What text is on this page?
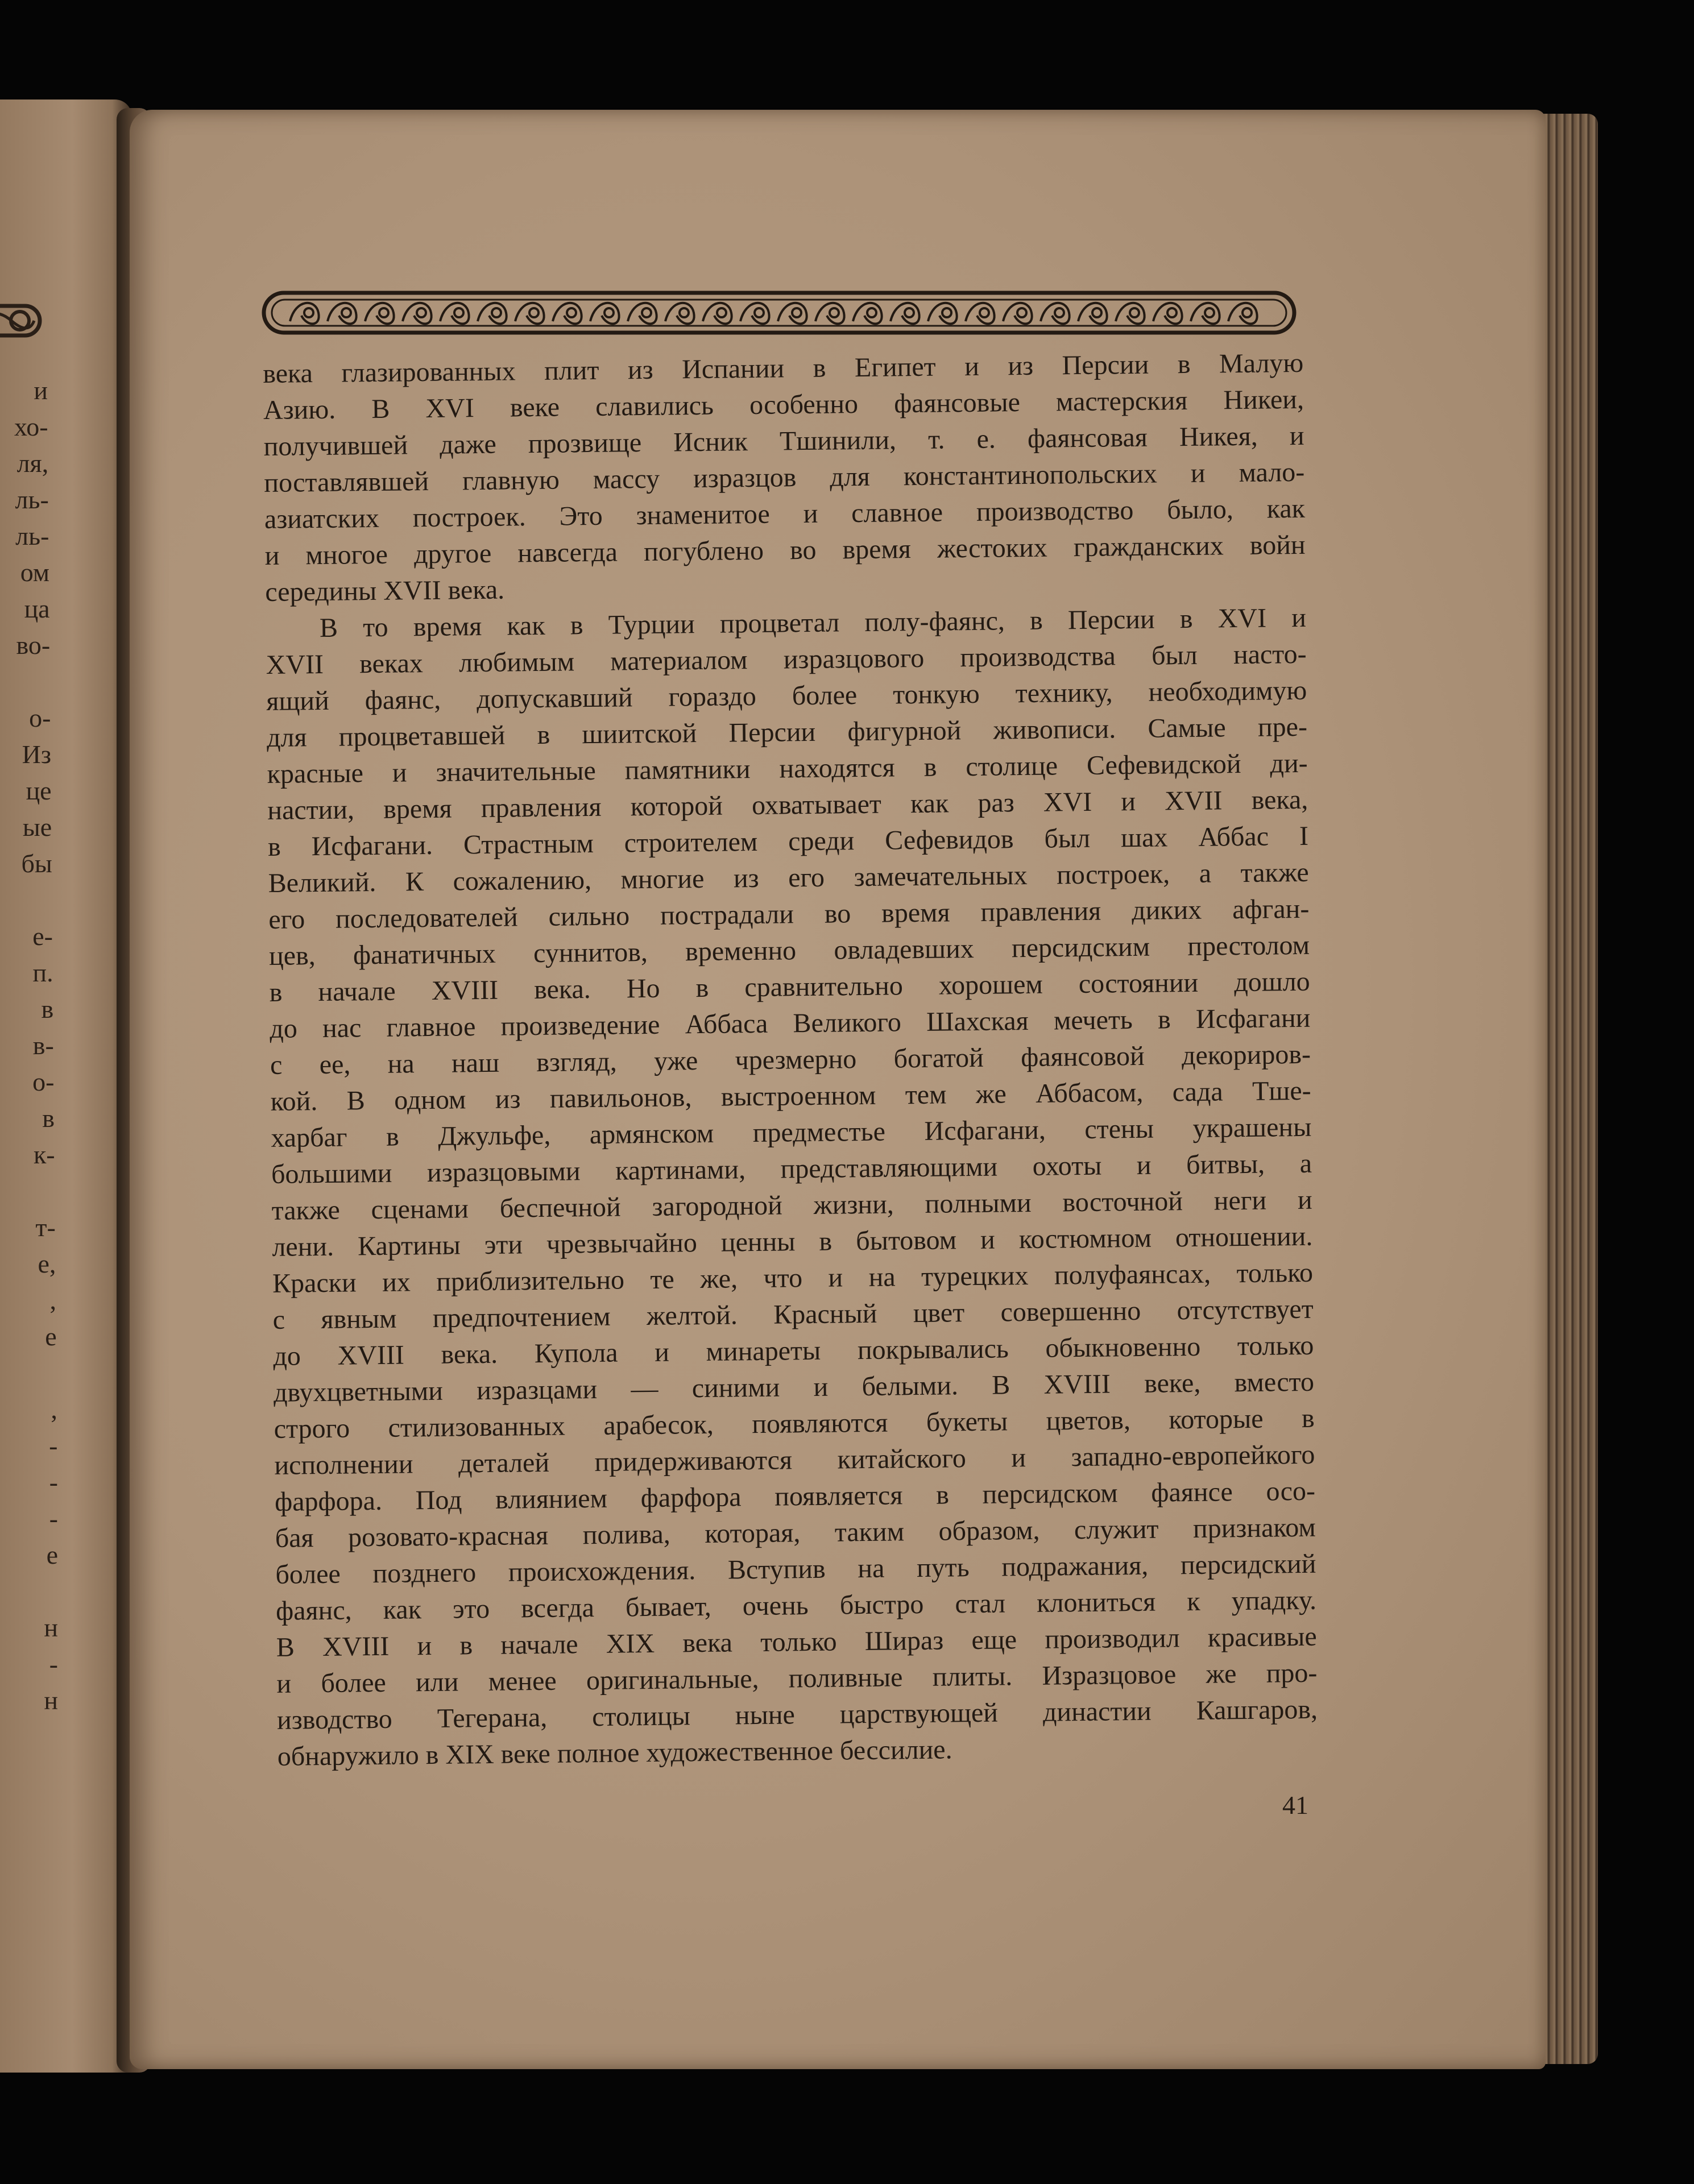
и
хо-
ля,
ль-
ль-
ом
ца
во-
о-
Из
це
ые
бы
е-
п.
в
в-
о-
в
к-
т-
е,
,
е
,
-
-
-
е
н
-
н
века глазированных плит из Испании в Египет и из Персии в Малую
Азию. В XVI веке славились особенно фаянсовые мастерския Никеи,
получившей даже прозвище Исник Тшинили, т. е. фаянсовая Никея, и
поставлявшей главную массу изразцов для константинопольских и мало-
азиатских построек. Это знаменитое и славное производство было, как
и многое другое навсегда погублено во время жестоких гражданских войн
середины XVII века.
В то время как в Турции процветал полу-фаянс, в Персии в XVI и
XVII веках любимым материалом изразцового производства был насто-
ящий фаянс, допускавший гораздо более тонкую технику, необходимую
для процветавшей в шиитской Персии фигурной живописи. Самые пре-
красные и значительные памятники находятся в столице Сефевидской ди-
настии, время правления которой охватывает как раз XVI и XVII века,
в Исфагани. Страстным строителем среди Сефевидов был шах Аббас I
Великий. К сожалению, многие из его замечательных построек, а также
его последователей сильно пострадали во время правления диких афган-
цев, фанатичных суннитов, временно овладевших персидским престолом
в начале XVIII века. Но в сравнительно хорошем состоянии дошло
до нас главное произведение Аббаса Великого Шахская мечеть в Исфагани
с ее, на наш взгляд, уже чрезмерно богатой фаянсовой декориров-
кой. В одном из павильонов, выстроенном тем же Аббасом, сада Тше-
харбаг в Джульфе, армянском предместье Исфагани, стены украшены
большими изразцовыми картинами, представляющими охоты и битвы, а
также сценами беспечной загородной жизни, полными восточной неги и
лени. Картины эти чрезвычайно ценны в бытовом и костюмном отношении.
Краски их приблизительно те же, что и на турецких полуфаянсах, только
с явным предпочтением желтой. Красный цвет совершенно отсутствует
до XVIII века. Купола и минареты покрывались обыкновенно только
двухцветными изразцами — синими и белыми. В XVIII веке, вместо
строго стилизованных арабесок, появляются букеты цветов, которые в
исполнении деталей придерживаются китайского и западно-европейкого
фарфора. Под влиянием фарфора появляется в персидском фаянсе осо-
бая розовато-красная полива, которая, таким образом, служит признаком
более позднего происхождения. Вступив на путь подражания, персидский
фаянс, как это всегда бывает, очень быстро стал клониться к упадку.
В XVIII и в начале XIX века только Шираз еще производил красивые
и более или менее оригинальные, поливные плиты. Изразцовое же про-
изводство Тегерана, столицы ныне царствующей династии Кашгаров,
обнаружило в XIX веке полное художественное бессилие.
41
